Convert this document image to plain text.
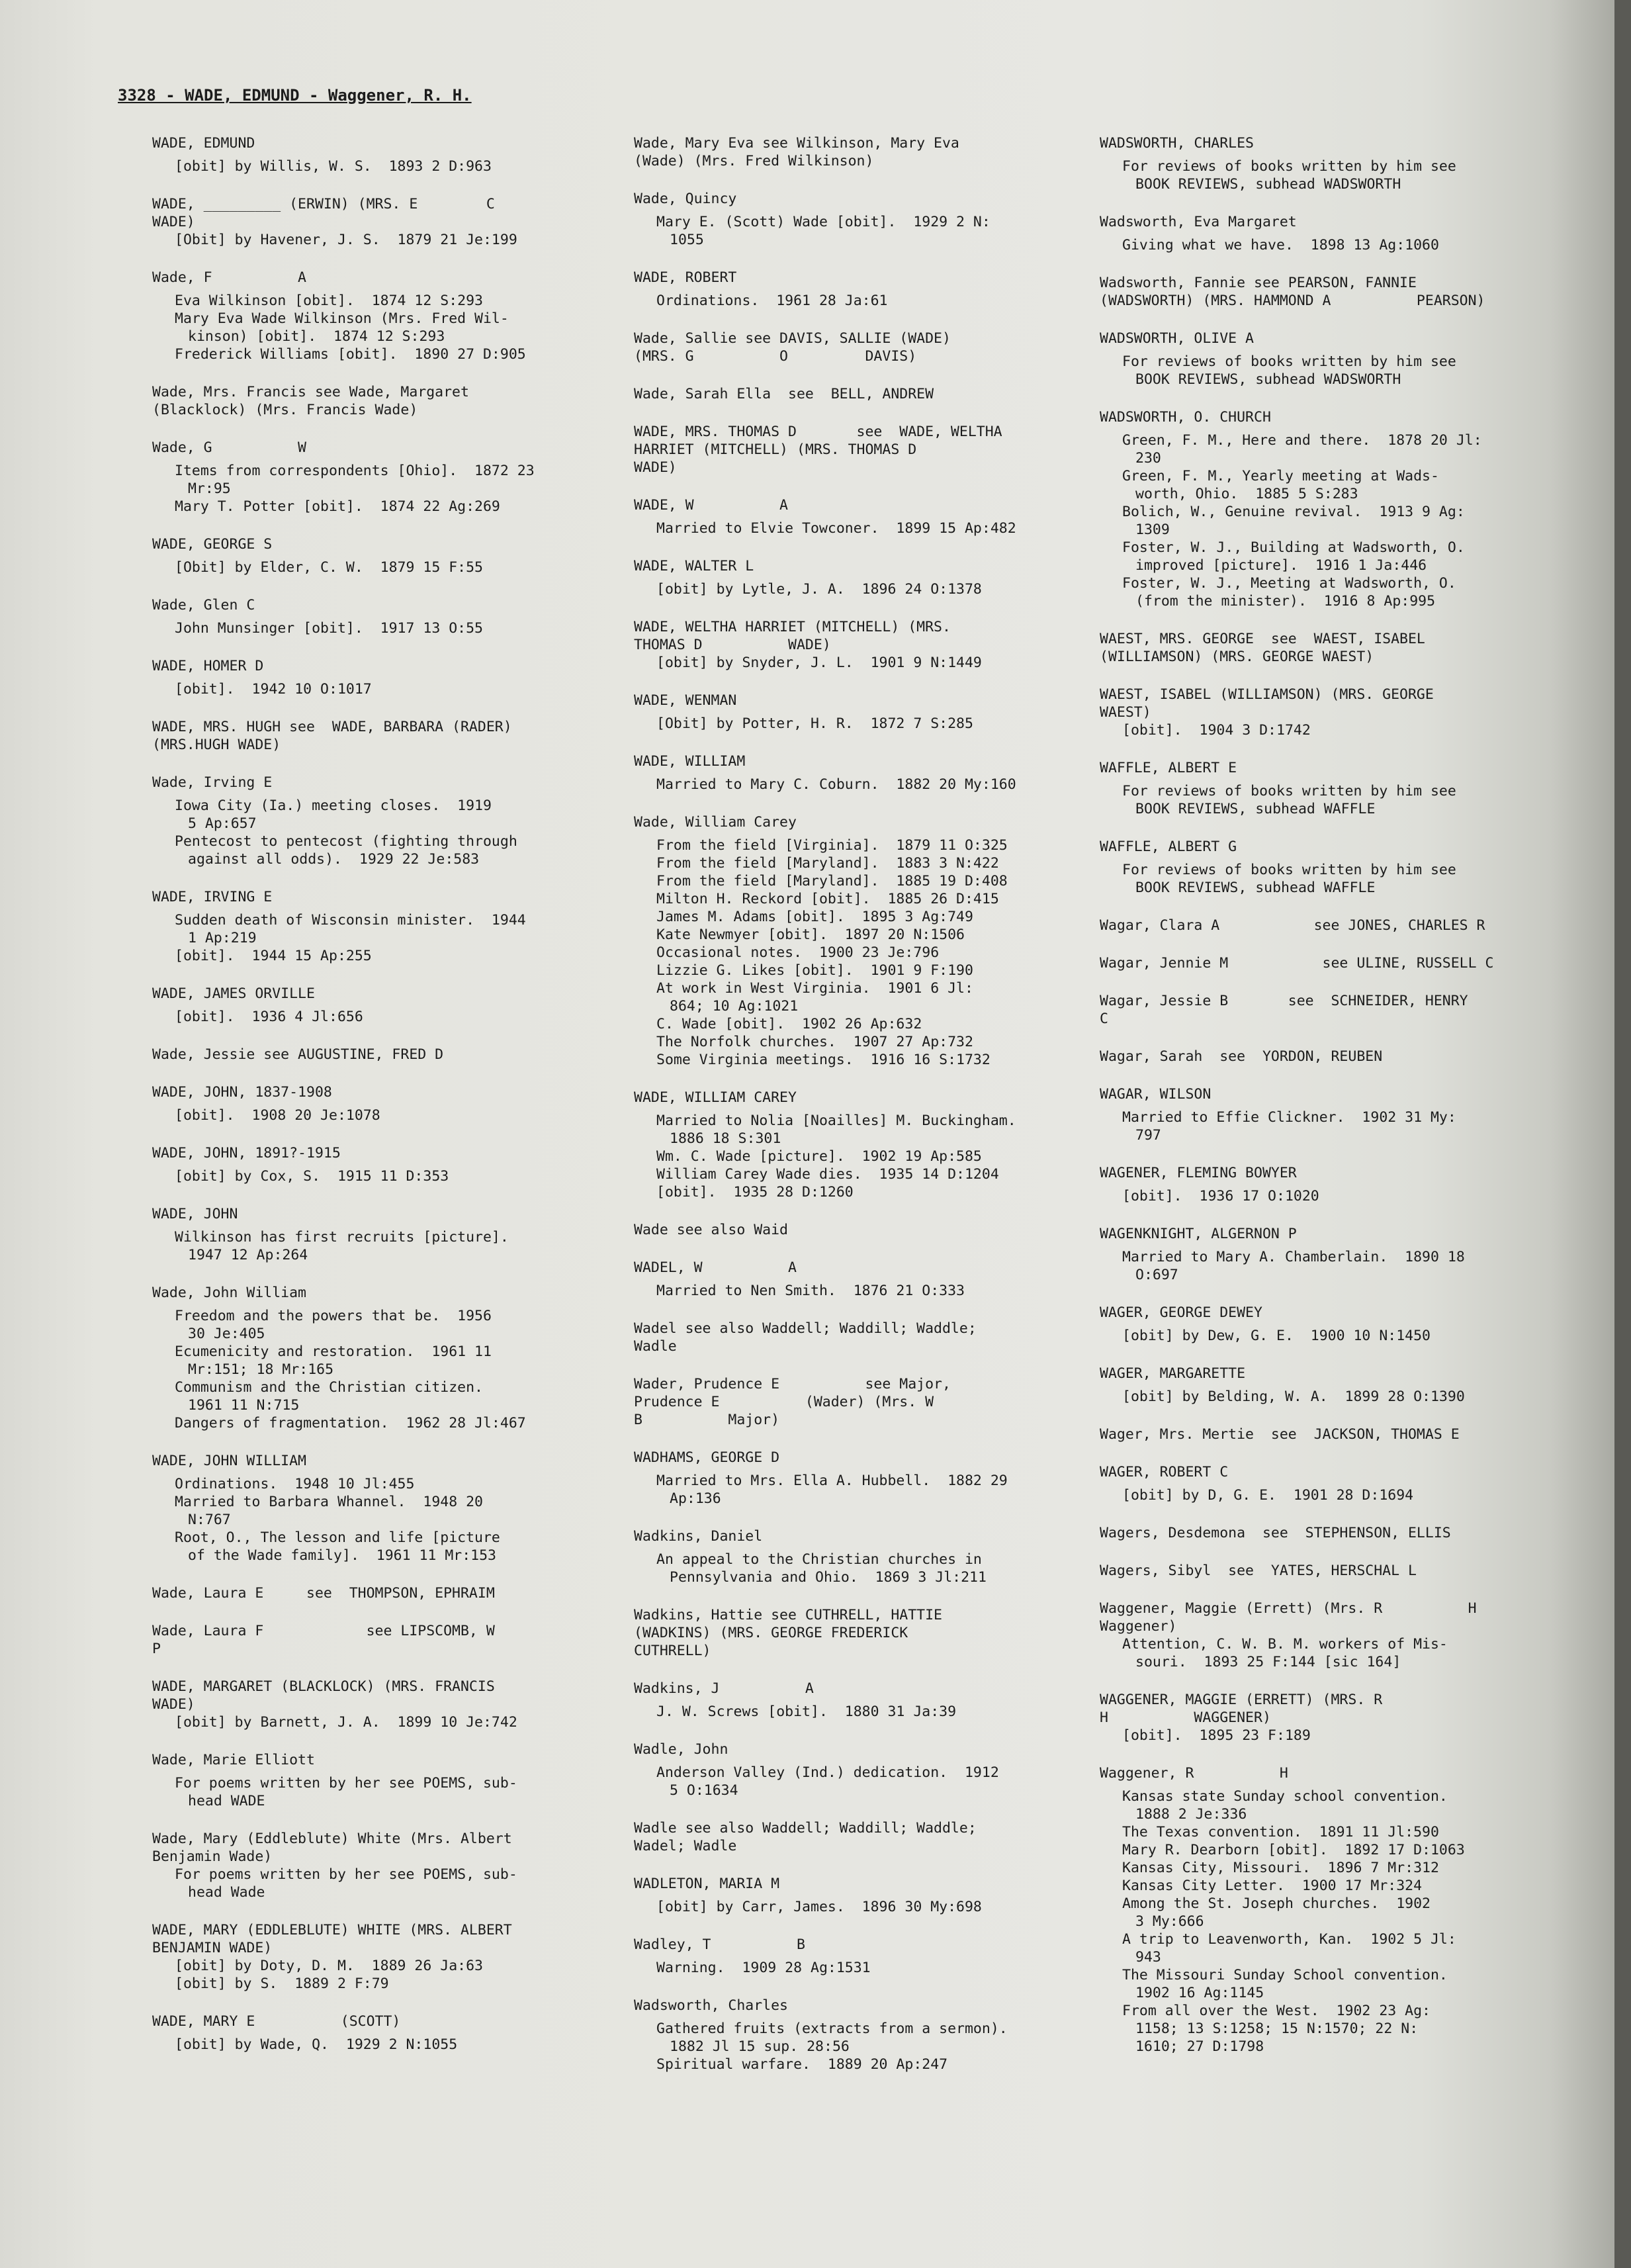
3328 - WADE, EDMUND - Waggener, R. H.
WADE, EDMUND
[obit] by Willis, W. S.  1893 2 D:963
WADE, _________ (ERWIN) (MRS. E        C
WADE)
[Obit] by Havener, J. S.  1879 21 Je:199
Wade, F          A
Eva Wilkinson [obit].  1874 12 S:293
Mary Eva Wade Wilkinson (Mrs. Fred Wil-
kinson) [obit].  1874 12 S:293
Frederick Williams [obit].  1890 27 D:905
Wade, Mrs. Francis see Wade, Margaret
(Blacklock) (Mrs. Francis Wade)
Wade, G          W
Items from correspondents [Ohio].  1872 23
Mr:95
Mary T. Potter [obit].  1874 22 Ag:269
WADE, GEORGE S
[Obit] by Elder, C. W.  1879 15 F:55
Wade, Glen C
John Munsinger [obit].  1917 13 O:55
WADE, HOMER D
[obit].  1942 10 O:1017
WADE, MRS. HUGH see  WADE, BARBARA (RADER)
(MRS.HUGH WADE)
Wade, Irving E
Iowa City (Ia.) meeting closes.  1919
5 Ap:657
Pentecost to pentecost (fighting through
against all odds).  1929 22 Je:583
WADE, IRVING E
Sudden death of Wisconsin minister.  1944
1 Ap:219
[obit].  1944 15 Ap:255
WADE, JAMES ORVILLE
[obit].  1936 4 Jl:656
Wade, Jessie see AUGUSTINE, FRED D
WADE, JOHN, 1837-1908
[obit].  1908 20 Je:1078
WADE, JOHN, 1891?-1915
[obit] by Cox, S.  1915 11 D:353
WADE, JOHN
Wilkinson has first recruits [picture].
1947 12 Ap:264
Wade, John William
Freedom and the powers that be.  1956
30 Je:405
Ecumenicity and restoration.  1961 11
Mr:151; 18 Mr:165
Communism and the Christian citizen.
1961 11 N:715
Dangers of fragmentation.  1962 28 Jl:467
WADE, JOHN WILLIAM
Ordinations.  1948 10 Jl:455
Married to Barbara Whannel.  1948 20
N:767
Root, O., The lesson and life [picture
of the Wade family].  1961 11 Mr:153
Wade, Laura E     see  THOMPSON, EPHRAIM
Wade, Laura F            see LIPSCOMB, W
P
WADE, MARGARET (BLACKLOCK) (MRS. FRANCIS
WADE)
[obit] by Barnett, J. A.  1899 10 Je:742
Wade, Marie Elliott
For poems written by her see POEMS, sub-
head WADE
Wade, Mary (Eddleblute) White (Mrs. Albert
Benjamin Wade)
For poems written by her see POEMS, sub-
head Wade
WADE, MARY (EDDLEBLUTE) WHITE (MRS. ALBERT
BENJAMIN WADE)
[obit] by Doty, D. M.  1889 26 Ja:63
[obit] by S.  1889 2 F:79
WADE, MARY E          (SCOTT)
[obit] by Wade, Q.  1929 2 N:1055
Wade, Mary Eva see Wilkinson, Mary Eva
(Wade) (Mrs. Fred Wilkinson)
Wade, Quincy
Mary E. (Scott) Wade [obit].  1929 2 N:
1055
WADE, ROBERT
Ordinations.  1961 28 Ja:61
Wade, Sallie see DAVIS, SALLIE (WADE)
(MRS. G          O         DAVIS)
Wade, Sarah Ella  see  BELL, ANDREW
WADE, MRS. THOMAS D       see  WADE, WELTHA
HARRIET (MITCHELL) (MRS. THOMAS D
WADE)
WADE, W          A
Married to Elvie Towconer.  1899 15 Ap:482
WADE, WALTER L
[obit] by Lytle, J. A.  1896 24 O:1378
WADE, WELTHA HARRIET (MITCHELL) (MRS.
THOMAS D          WADE)
[obit] by Snyder, J. L.  1901 9 N:1449
WADE, WENMAN
[Obit] by Potter, H. R.  1872 7 S:285
WADE, WILLIAM
Married to Mary C. Coburn.  1882 20 My:160
Wade, William Carey
From the field [Virginia].  1879 11 O:325
From the field [Maryland].  1883 3 N:422
From the field [Maryland].  1885 19 D:408
Milton H. Reckord [obit].  1885 26 D:415
James M. Adams [obit].  1895 3 Ag:749
Kate Newmyer [obit].  1897 20 N:1506
Occasional notes.  1900 23 Je:796
Lizzie G. Likes [obit].  1901 9 F:190
At work in West Virginia.  1901 6 Jl:
864; 10 Ag:1021
C. Wade [obit].  1902 26 Ap:632
The Norfolk churches.  1907 27 Ap:732
Some Virginia meetings.  1916 16 S:1732
WADE, WILLIAM CAREY
Married to Nolia [Noailles] M. Buckingham.
1886 18 S:301
Wm. C. Wade [picture].  1902 19 Ap:585
William Carey Wade dies.  1935 14 D:1204
[obit].  1935 28 D:1260
Wade see also Waid
WADEL, W          A
Married to Nen Smith.  1876 21 O:333
Wadel see also Waddell; Waddill; Waddle;
Wadle
Wader, Prudence E          see Major,
Prudence E          (Wader) (Mrs. W
B          Major)
WADHAMS, GEORGE D
Married to Mrs. Ella A. Hubbell.  1882 29
Ap:136
Wadkins, Daniel
An appeal to the Christian churches in
Pennsylvania and Ohio.  1869 3 Jl:211
Wadkins, Hattie see CUTHRELL, HATTIE
(WADKINS) (MRS. GEORGE FREDERICK
CUTHRELL)
Wadkins, J          A
J. W. Screws [obit].  1880 31 Ja:39
Wadle, John
Anderson Valley (Ind.) dedication.  1912
5 O:1634
Wadle see also Waddell; Waddill; Waddle;
Wadel; Wadle
WADLETON, MARIA M
[obit] by Carr, James.  1896 30 My:698
Wadley, T          B
Warning.  1909 28 Ag:1531
Wadsworth, Charles
Gathered fruits (extracts from a sermon).
1882 Jl 15 sup. 28:56
Spiritual warfare.  1889 20 Ap:247
WADSWORTH, CHARLES
For reviews of books written by him see
BOOK REVIEWS, subhead WADSWORTH
Wadsworth, Eva Margaret
Giving what we have.  1898 13 Ag:1060
Wadsworth, Fannie see PEARSON, FANNIE
(WADSWORTH) (MRS. HAMMOND A          PEARSON)
WADSWORTH, OLIVE A
For reviews of books written by him see
BOOK REVIEWS, subhead WADSWORTH
WADSWORTH, O. CHURCH
Green, F. M., Here and there.  1878 20 Jl:
230
Green, F. M., Yearly meeting at Wads-
worth, Ohio.  1885 5 S:283
Bolich, W., Genuine revival.  1913 9 Ag:
1309
Foster, W. J., Building at Wadsworth, O.
improved [picture].  1916 1 Ja:446
Foster, W. J., Meeting at Wadsworth, O.
(from the minister).  1916 8 Ap:995
WAEST, MRS. GEORGE  see  WAEST, ISABEL
(WILLIAMSON) (MRS. GEORGE WAEST)
WAEST, ISABEL (WILLIAMSON) (MRS. GEORGE
WAEST)
[obit].  1904 3 D:1742
WAFFLE, ALBERT E
For reviews of books written by him see
BOOK REVIEWS, subhead WAFFLE
WAFFLE, ALBERT G
For reviews of books written by him see
BOOK REVIEWS, subhead WAFFLE
Wagar, Clara A           see JONES, CHARLES R
Wagar, Jennie M           see ULINE, RUSSELL C
Wagar, Jessie B       see  SCHNEIDER, HENRY
C
Wagar, Sarah  see  YORDON, REUBEN
WAGAR, WILSON
Married to Effie Clickner.  1902 31 My:
797
WAGENER, FLEMING BOWYER
[obit].  1936 17 O:1020
WAGENKNIGHT, ALGERNON P
Married to Mary A. Chamberlain.  1890 18
O:697
WAGER, GEORGE DEWEY
[obit] by Dew, G. E.  1900 10 N:1450
WAGER, MARGARETTE
[obit] by Belding, W. A.  1899 28 O:1390
Wager, Mrs. Mertie  see  JACKSON, THOMAS E
WAGER, ROBERT C
[obit] by D, G. E.  1901 28 D:1694
Wagers, Desdemona  see  STEPHENSON, ELLIS
Wagers, Sibyl  see  YATES, HERSCHAL L
Waggener, Maggie (Errett) (Mrs. R          H
Waggener)
Attention, C. W. B. M. workers of Mis-
souri.  1893 25 F:144 [sic 164]
WAGGENER, MAGGIE (ERRETT) (MRS. R
H          WAGGENER)
[obit].  1895 23 F:189
Waggener, R          H
Kansas state Sunday school convention.
1888 2 Je:336
The Texas convention.  1891 11 Jl:590
Mary R. Dearborn [obit].  1892 17 D:1063
Kansas City, Missouri.  1896 7 Mr:312
Kansas City Letter.  1900 17 Mr:324
Among the St. Joseph churches.  1902
3 My:666
A trip to Leavenworth, Kan.  1902 5 Jl:
943
The Missouri Sunday School convention.
1902 16 Ag:1145
From all over the West.  1902 23 Ag:
1158; 13 S:1258; 15 N:1570; 22 N:
1610; 27 D:1798
